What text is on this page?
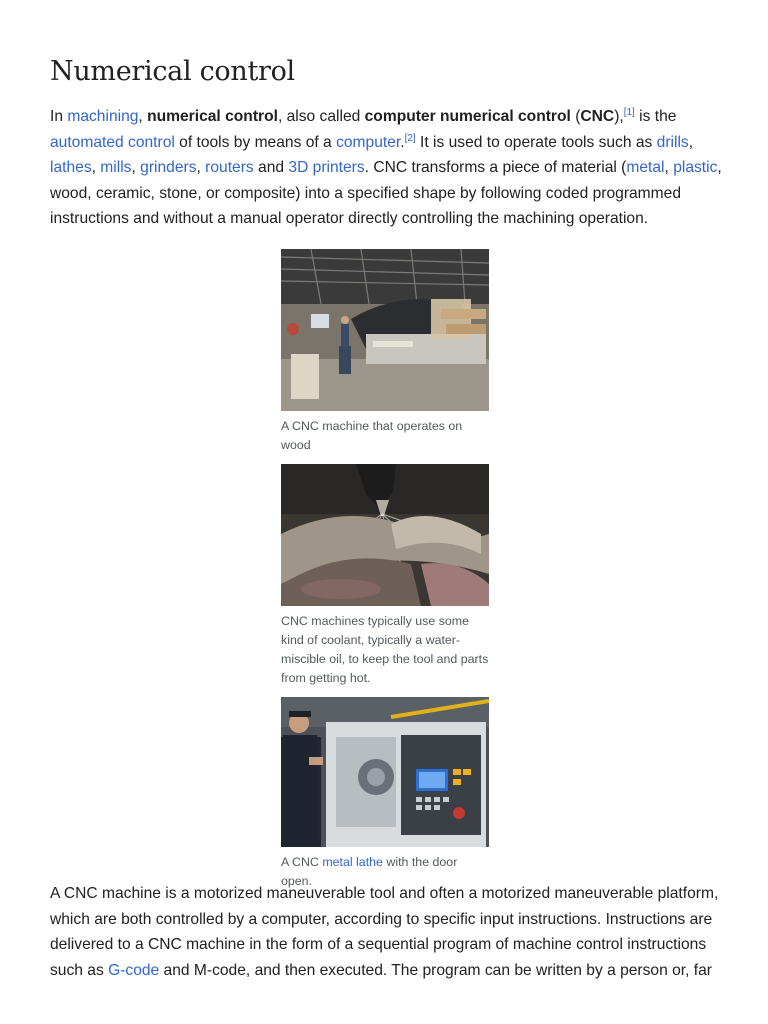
Numerical control

In machining, numerical control, also called computer numerical control (CNC),[1] is the automated control of tools by means of a computer.[2] It is used to operate tools such as drills, lathes, mills, grinders, routers and 3D printers. CNC transforms a piece of material (metal, plastic, wood, ceramic, stone, or composite) into a specified shape by following coded programmed instructions and without a manual operator directly controlling the machining operation.

A CNC machine that operates on wood
CNC machines typically use some kind of coolant, typically a water-miscible oil, to keep the tool and parts from getting hot.
A CNC metal lathe with the door open.

A CNC machine is a motorized maneuverable tool and often a motorized maneuverable platform, which are both controlled by a computer, according to specific input instructions. Instructions are delivered to a CNC machine in the form of a sequential program of machine control instructions such as G-code and M-code, and then executed. The program can be written by a person or, far
